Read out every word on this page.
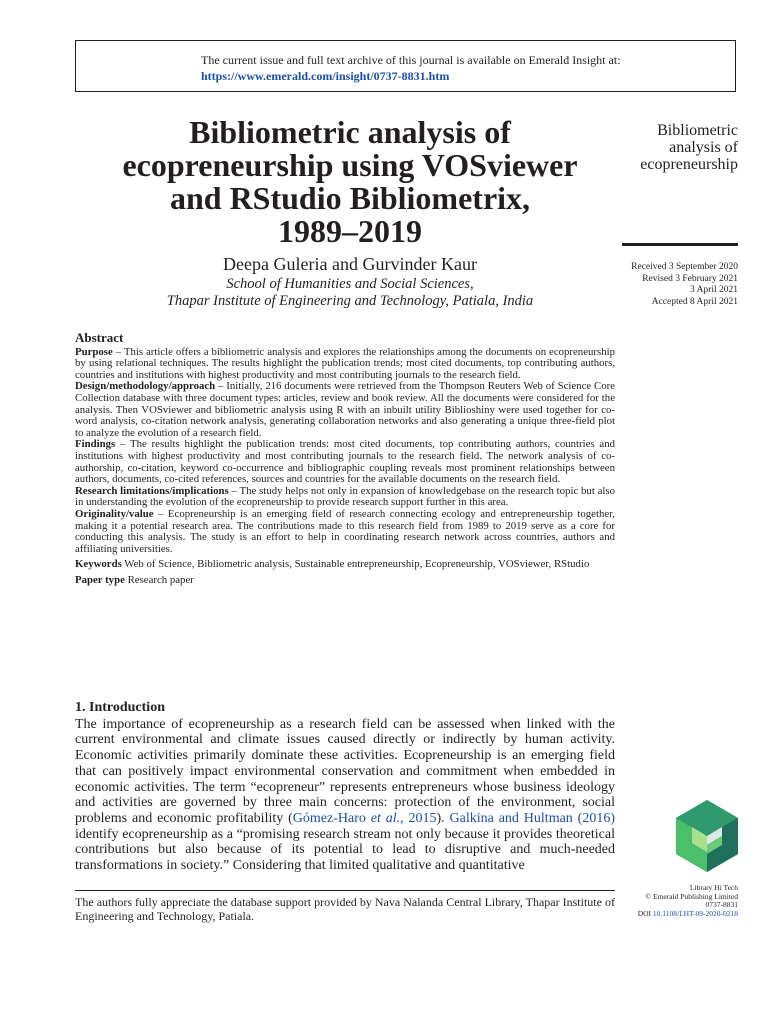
The current issue and full text archive of this journal is available on Emerald Insight at:
https://www.emerald.com/insight/0737-8831.htm
Bibliometric analysis of
ecopreneurship using VOSviewer
and RStudio Bibliometrix,
1989–2019
Deepa Guleria and Gurvinder Kaur
School of Humanities and Social Sciences,
Thapar Institute of Engineering and Technology, Patiala, India
Bibliometric
analysis of
ecopreneurship
Received 3 September 2020
Revised 3 February 2021
3 April 2021
Accepted 8 April 2021
Abstract

Purpose – This article offers a bibliometric analysis and explores the relationships among the documents on ecopreneurship by using relational techniques. The results highlight the publication trends; most cited documents, top contributing authors, countries and institutions with highest productivity and most contributing journals to the research field.

Design/methodology/approach – Initially, 216 documents were retrieved from the Thompson Reuters Web of Science Core Collection database with three document types: articles, review and book review. All the documents were considered for the analysis. Then VOSviewer and bibliometric analysis using R with an inbuilt utility Biblioshiny were used together for co-word analysis, co-citation network analysis, generating collaboration networks and also generating a unique three-field plot to analyze the evolution of a research field.

Findings – The results highlight the publication trends: most cited documents, top contributing authors, countries and institutions with highest productivity and most contributing journals to the research field. The network analysis of co-authorship, co-citation, keyword co-occurrence and bibliographic coupling reveals most prominent relationships between authors, documents, co-cited references, sources and countries for the available documents on the research field.

Research limitations/implications – The study helps not only in expansion of knowledgebase on the research topic but also in understanding the evolution of the ecopreneurship to provide research support further in this area.

Originality/value – Ecopreneurship is an emerging field of research connecting ecology and entrepreneurship together, making it a potential research area. The contributions made to this research field from 1989 to 2019 serve as a core for conducting this analysis. The study is an effort to help in coordinating research network across countries, authors and affiliating universities.

Keywords Web of Science, Bibliometric analysis, Sustainable entrepreneurship, Ecopreneurship, VOSviewer, RStudio

Paper type Research paper

1. Introduction

The importance of ecopreneurship as a research field can be assessed when linked with the current environmental and climate issues caused directly or indirectly by human activity. Economic activities primarily dominate these activities. Ecopreneurship is an emerging field that can positively impact environmental conservation and commitment when embedded in economic activities. The term “ecopreneur” represents entrepreneurs whose business ideology and activities are governed by three main concerns: protection of the environment, social problems and economic profitability (Gómez-Haro et al., 2015). Galkina and Hultman (2016) identify ecopreneurship as a “promising research stream not only because it provides theoretical contributions but also because of its potential to lead to disruptive and much-needed transformations in society.” Considering that limited qualitative and quantitative

The authors fully appreciate the database support provided by Nava Nalanda Central Library, Thapar Institute of Engineering and Technology, Patiala.
Library Hi Tech
© Emerald Publishing Limited
0737-8831
DOI 10.1108/LHT-09-2020-0218
